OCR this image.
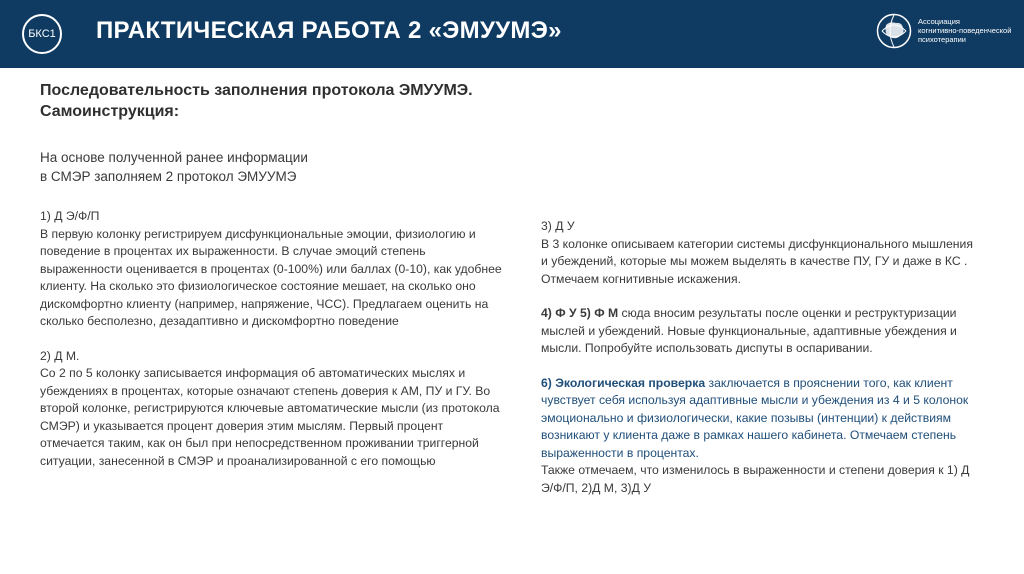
БКС1 ПРАКТИЧЕСКАЯ РАБОТА 2 «ЭМУУМЭ»	Ассоциация
когнитивно-поведенческой
психотерапии
Последовательность заполнения протокола ЭМУУМЭ.
Самоинструкция:
На основе полученной ранее информации
в СМЭР заполняем 2 протокол ЭМУУМЭ

1) Д Э/Ф/П

В первую колонку регистрируем дисфункциональные эмоции, физиологию и поведение в процентах их выраженности. В случае эмоций степень выраженности оценивается в процентах (0-100%) или баллах (0-10), как удобнее клиенту. На сколько это физиологическое состояние мешает, на сколько оно дискомфортно клиенту (например, напряжение, ЧСС). Предлагаем оценить на сколько бесполезно, дезадаптивно и дискомфортно поведение

2) Д М.

Со 2 по 5 колонку записывается информация об автоматических мыслях и убеждениях в процентах, которые означают степень доверия к АМ, ПУ и ГУ. Во второй колонке, регистрируются ключевые автоматические мысли (из протокола СМЭР) и указывается процент доверия этим мыслям. Первый процент отмечается таким, как он был при непосредственном проживании триггерной ситуации, занесенной в СМЭР и проанализированной с его помощью

3) Д У

В 3 колонке описываем категории системы дисфункционального мышления и убеждений, которые мы можем выделять в качестве ПУ, ГУ и даже в КС . Отмечаем когнитивные искажения.

4) Ф У 5) Ф М сюда вносим результаты после оценки и реструктуризации мыслей и убеждений. Новые функциональные, адаптивные убеждения и мысли. Попробуйте использовать диспуты в оспаривании.

6) Экологическая проверка заключается в прояснении того, как клиент чувствует себя используя адаптивные мысли и убеждения из 4 и 5 колонок эмоционально и физиологически, какие позывы (интенции) к действиям возникают у клиента даже в рамках нашего кабинета. Отмечаем степень выраженности в процентах.

Также отмечаем, что изменилось в выраженности и степени доверия к 1) Д Э/Ф/П, 2)Д М, 3)Д У
